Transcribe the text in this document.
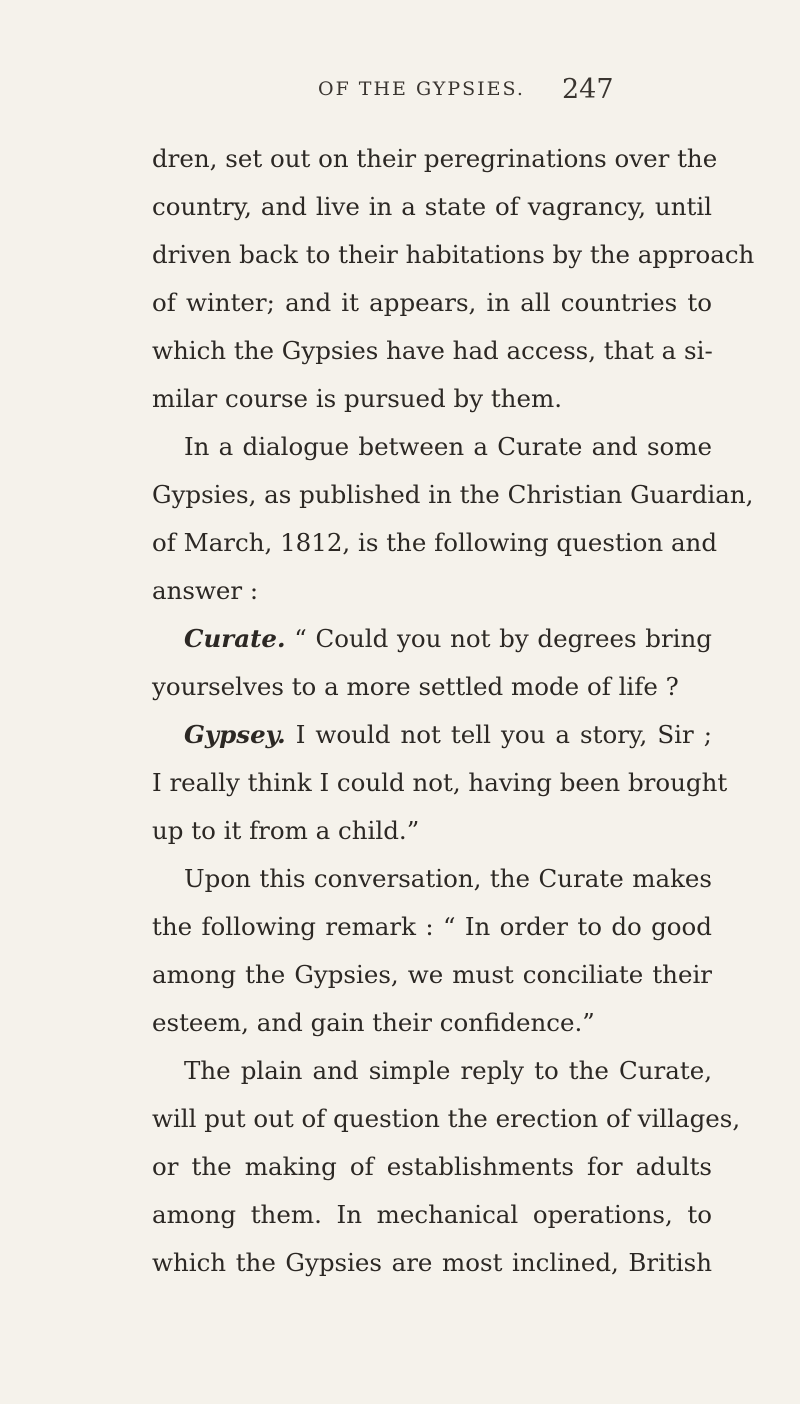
OF THE GYPSIES. 247
dren, set out on their peregrinations over the
country, and live in a state of vagrancy, until
driven back to their habitations by the approach
of winter; and it appears, in all countries to
which the Gypsies have had access, that a si-
milar course is pursued by them.
In a dialogue between a Curate and some
Gypsies, as published in the Christian Guardian,
of March, 1812, is the following question and
answer :
Curate. “ Could you not by degrees bring
yourselves to a more settled mode of life ?
Gypsey. I would not tell you a story, Sir ;
I really think I could not, having been brought
up to it from a child.”
Upon this conversation, the Curate makes
the following remark : “ In order to do good
among the Gypsies, we must conciliate their
esteem, and gain their confidence.”
The plain and simple reply to the Curate,
will put out of question the erection of villages,
or the making of establishments for adults
among them. In mechanical operations, to
which the Gypsies are most inclined, British
